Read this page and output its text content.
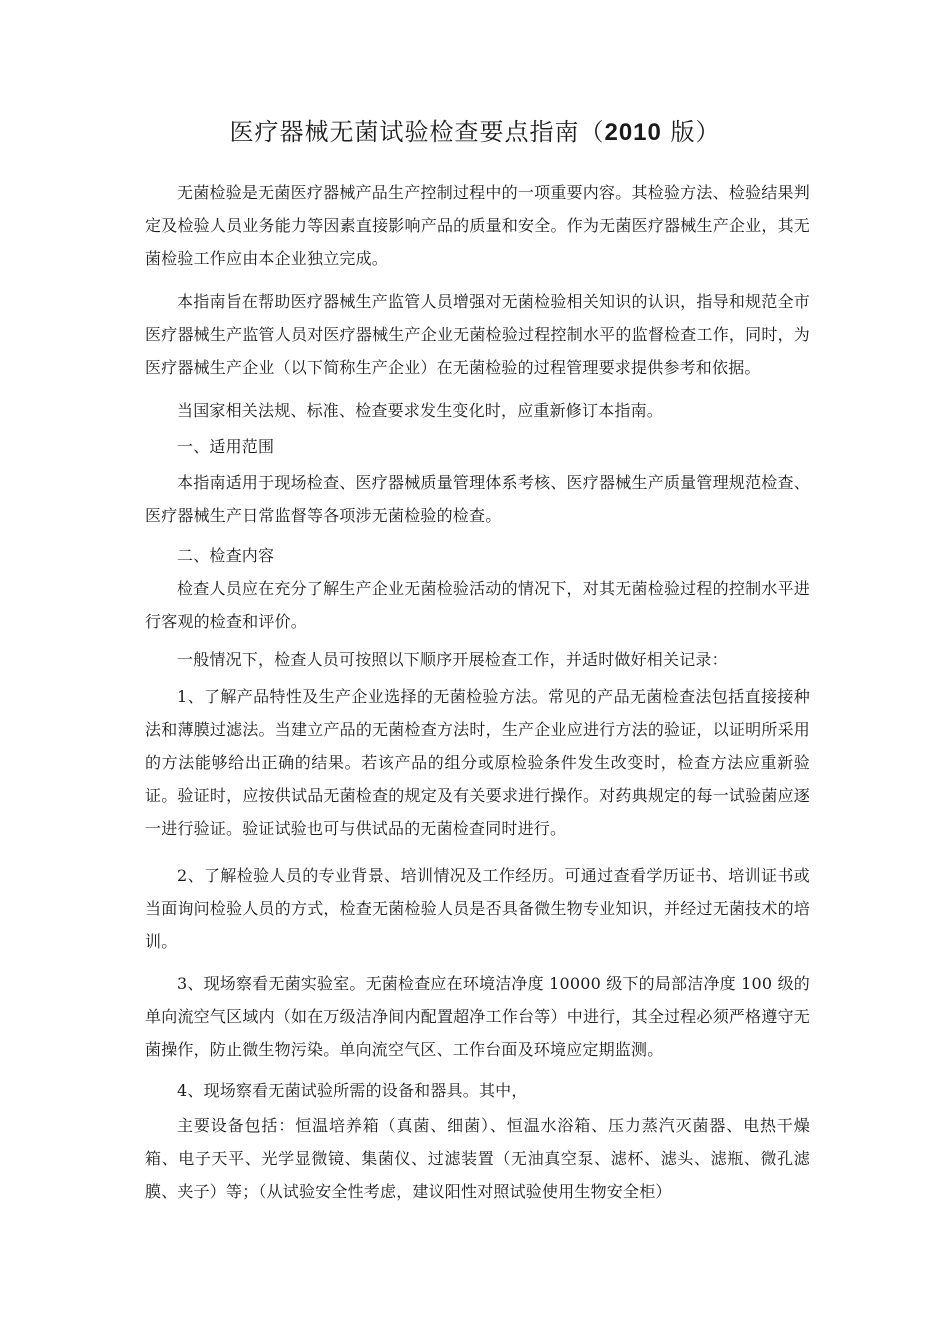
医疗器械无菌试验检查要点指南（2010 版）

无菌检验是无菌医疗器械产品生产控制过程中的一项重要内容。其检验方法、检验结果判定及检验人员业务能力等因素直接影响产品的质量和安全。作为无菌医疗器械生产企业，其无菌检验工作应由本企业独立完成。

本指南旨在帮助医疗器械生产监管人员增强对无菌检验相关知识的认识，指导和规范全市医疗器械生产监管人员对医疗器械生产企业无菌检验过程控制水平的监督检查工作，同时，为医疗器械生产企业（以下简称生产企业）在无菌检验的过程管理要求提供参考和依据。

当国家相关法规、标准、检查要求发生变化时，应重新修订本指南。

一、适用范围

本指南适用于现场检查、医疗器械质量管理体系考核、医疗器械生产质量管理规范检查、医疗器械生产日常监督等各项涉无菌检验的检查。

二、检查内容

检查人员应在充分了解生产企业无菌检验活动的情况下，对其无菌检验过程的控制水平进行客观的检查和评价。

一般情况下，检查人员可按照以下顺序开展检查工作，并适时做好相关记录：

1、了解产品特性及生产企业选择的无菌检验方法。常见的产品无菌检查法包括直接接种法和薄膜过滤法。当建立产品的无菌检查方法时，生产企业应进行方法的验证，以证明所采用的方法能够给出正确的结果。若该产品的组分或原检验条件发生改变时，检查方法应重新验证。验证时，应按供试品无菌检查的规定及有关要求进行操作。对药典规定的每一试验菌应逐一进行验证。验证试验也可与供试品的无菌检查同时进行。

2、了解检验人员的专业背景、培训情况及工作经历。可通过查看学历证书、培训证书或当面询问检验人员的方式，检查无菌检验人员是否具备微生物专业知识，并经过无菌技术的培训。

3、现场察看无菌实验室。无菌检查应在环境洁净度 10000 级下的局部洁净度 100 级的单向流空气区域内（如在万级洁净间内配置超净工作台等）中进行，其全过程必须严格遵守无菌操作，防止微生物污染。单向流空气区、工作台面及环境应定期监测。

4、现场察看无菌试验所需的设备和器具。其中，

主要设备包括：恒温培养箱（真菌、细菌）、恒温水浴箱、压力蒸汽灭菌器、电热干燥箱、电子天平、光学显微镜、集菌仪、过滤装置（无油真空泵、滤杯、滤头、滤瓶、微孔滤膜、夹子）等；（从试验安全性考虑，建议阳性对照试验使用生物安全柜）
